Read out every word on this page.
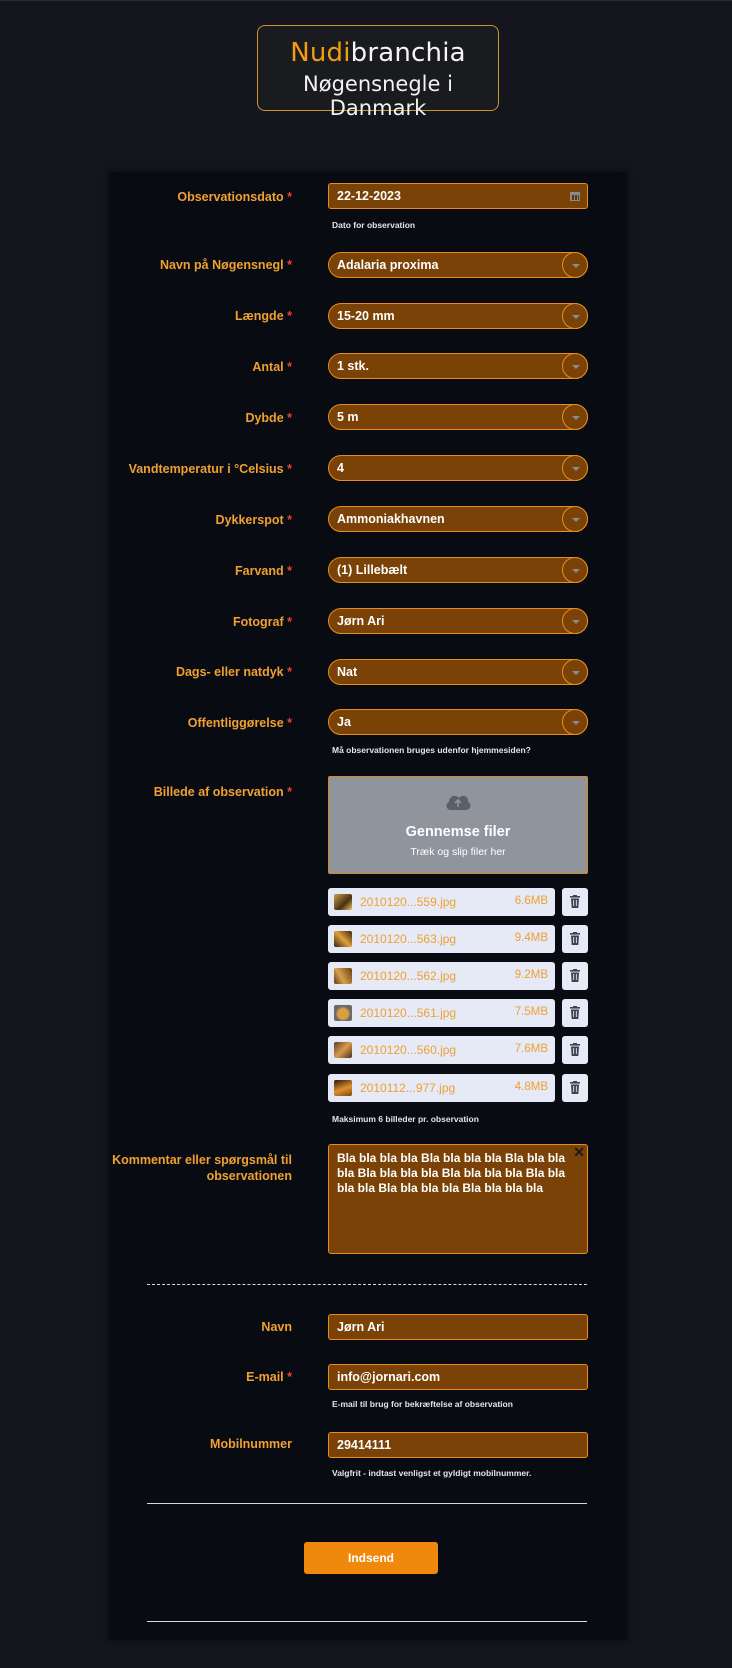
Nudibranchia
Nøgensnegle i Danmark
Observationsdato *	22-12-2023
Dato for observation
Navn på Nøgensnegl *	Adalaria proxima
Længde *	15-20 mm
Antal *	1 stk.
Dybde *	5 m
Vandtemperatur i °Celsius *	4
Dykkerspot *	Ammoniakhavnen
Farvand *	(1) Lillebælt
Fotograf *	Jørn Ari
Dags- eller natdyk *	Nat
Offentliggørelse *	Ja
Må observationen bruges udenfor hjemmesiden?
Billede af observation *
Gennemse filer
Træk og slip filer her
2010120...559.jpg	6.6MB
2010120...563.jpg	9.4MB
2010120...562.jpg	9.2MB
2010120...561.jpg	7.5MB
2010120...560.jpg	7.6MB
2010112...977.jpg	4.8MB
Maksimum 6 billeder pr. observation
Kommentar eller spørgsmål til
observationen
Bla bla bla bla Bla bla bla bla Bla bla bla bla Bla bla bla bla Bla bla bla bla Bla bla bla bla Bla bla bla bla Bla bla bla bla
✕
Navn	Jørn Ari
E-mail *	info@jornari.com
E-mail til brug for bekræftelse af observation
Mobilnummer	29414111
Valgfrit - indtast venligst et gyldigt mobilnummer.
Indsend
